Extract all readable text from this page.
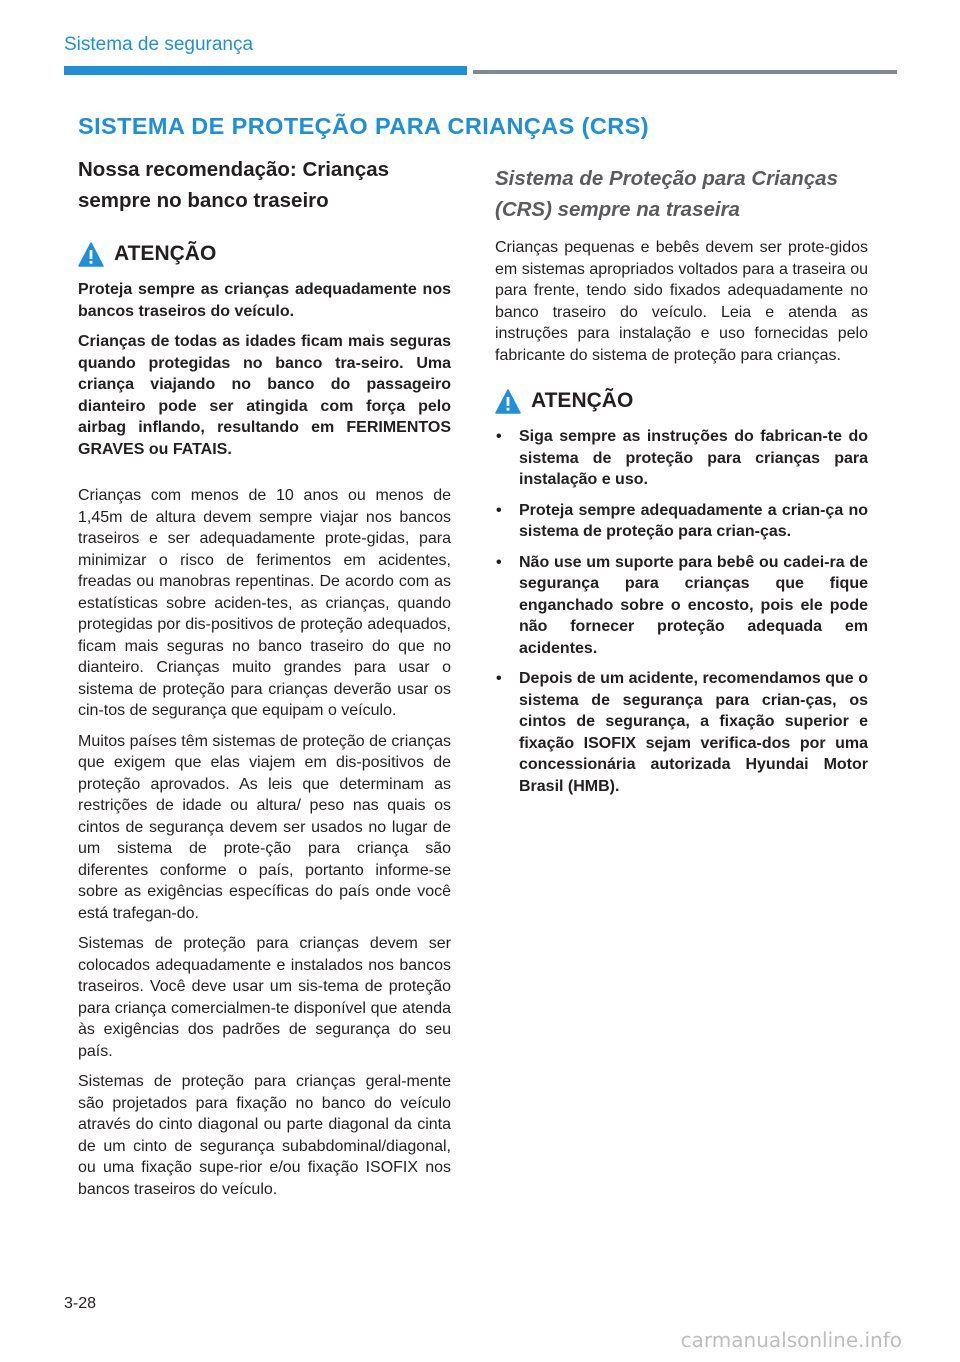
Sistema de segurança
SISTEMA DE PROTEÇÃO PARA CRIANÇAS (CRS)
Nossa recomendação: Crianças sempre no banco traseiro
ATENÇÃO

Proteja sempre as crianças adequadamente nos bancos traseiros do veículo.

Crianças de todas as idades ficam mais seguras quando protegidas no banco tra-seiro. Uma criança viajando no banco do passageiro dianteiro pode ser atingida com força pelo airbag inflando, resultando em FERIMENTOS GRAVES ou FATAIS.

Crianças com menos de 10 anos ou menos de 1,45m de altura devem sempre viajar nos bancos traseiros e ser adequadamente prote-gidas, para minimizar o risco de ferimentos em acidentes, freadas ou manobras repentinas. De acordo com as estatísticas sobre aciden-tes, as crianças, quando protegidas por dis-positivos de proteção adequados, ficam mais seguras no banco traseiro do que no dianteiro. Crianças muito grandes para usar o sistema de proteção para crianças deverão usar os cin-tos de segurança que equipam o veículo.

Muitos países têm sistemas de proteção de crianças que exigem que elas viajem em dis-positivos de proteção aprovados. As leis que determinam as restrições de idade ou altura/ peso nas quais os cintos de segurança devem ser usados no lugar de um sistema de prote-ção para criança são diferentes conforme o país, portanto informe-se sobre as exigências específicas do país onde você está trafegan-do.

Sistemas de proteção para crianças devem ser colocados adequadamente e instalados nos bancos traseiros. Você deve usar um sis-tema de proteção para criança comercialmen-te disponível que atenda às exigências dos padrões de segurança do seu país.

Sistemas de proteção para crianças geral-mente são projetados para fixação no banco do veículo através do cinto diagonal ou parte diagonal da cinta de um cinto de segurança subabdominal/diagonal, ou uma fixação supe-rior e/ou fixação ISOFIX nos bancos traseiros do veículo.

Sistema de Proteção para Crianças (CRS) sempre na traseira

Crianças pequenas e bebês devem ser prote-gidos em sistemas apropriados voltados para a traseira ou para frente, tendo sido fixados adequadamente no banco traseiro do veículo. Leia e atenda as instruções para instalação e uso fornecidas pelo fabricante do sistema de proteção para crianças.

ATENÇÃO
• Siga sempre as instruções do fabrican-te do sistema de proteção para crianças para instalação e uso.
• Proteja sempre adequadamente a crian-ça no sistema de proteção para crian-ças.
• Não use um suporte para bebê ou cadei-ra de segurança para crianças que fique enganchado sobre o encosto, pois ele pode não fornecer proteção adequada em acidentes.
• Depois de um acidente, recomendamos que o sistema de segurança para crian-ças, os cintos de segurança, a fixação superior e fixação ISOFIX sejam verifica-dos por uma concessionária autorizada Hyundai Motor Brasil (HMB).
3-28
carmanualsonline.info
